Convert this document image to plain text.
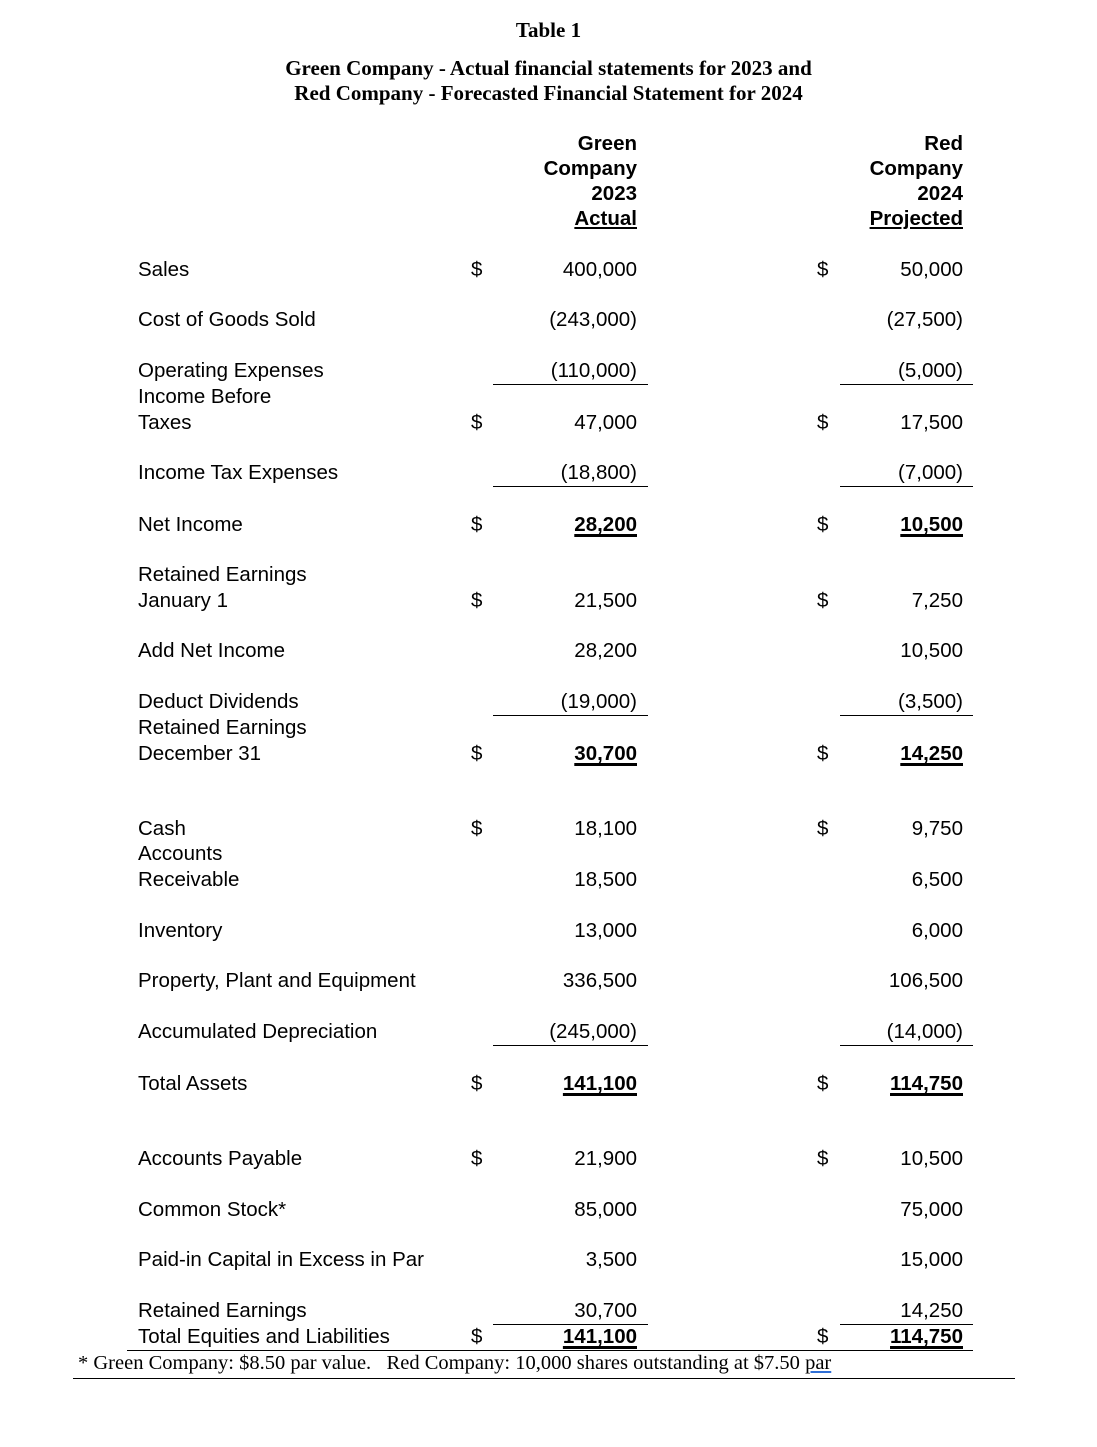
Table 1
Green Company - Actual financial statements for 2023 and
Red Company - Forecasted Financial Statement for 2024
Green
Company
2023
Actual
Red
Company
2024
Projected
Sales	$	400,000	$	50,000
Cost of Goods Sold	(243,000)	(27,500)
Operating Expenses	(110,000)	(5,000)
Income Before
Taxes	$	47,000	$	17,500
Income Tax Expenses	(18,800)	(7,000)
Net Income	$	28,200	$	10,500
Retained Earnings
January 1	$	21,500	$	7,250
Add Net Income	28,200	10,500
Deduct Dividends	(19,000)	(3,500)
Retained Earnings
December 31	$	30,700	$	14,250
Cash	$	18,100	$	9,750
Accounts
Receivable	18,500	6,500
Inventory	13,000	6,000
Property, Plant and Equipment	336,500	106,500
Accumulated Depreciation	(245,000)	(14,000)
Total Assets	$	141,100	$	114,750
Accounts Payable	$	21,900	$	10,500
Common Stock*	85,000	75,000
Paid-in Capital in Excess in Par	3,500	15,000
Retained Earnings	30,700	14,250
Total Equities and Liabilities	$	141,100	$	114,750
* Green Company: $8.50 par value.   Red Company: 10,000 shares outstanding at $7.50 par
